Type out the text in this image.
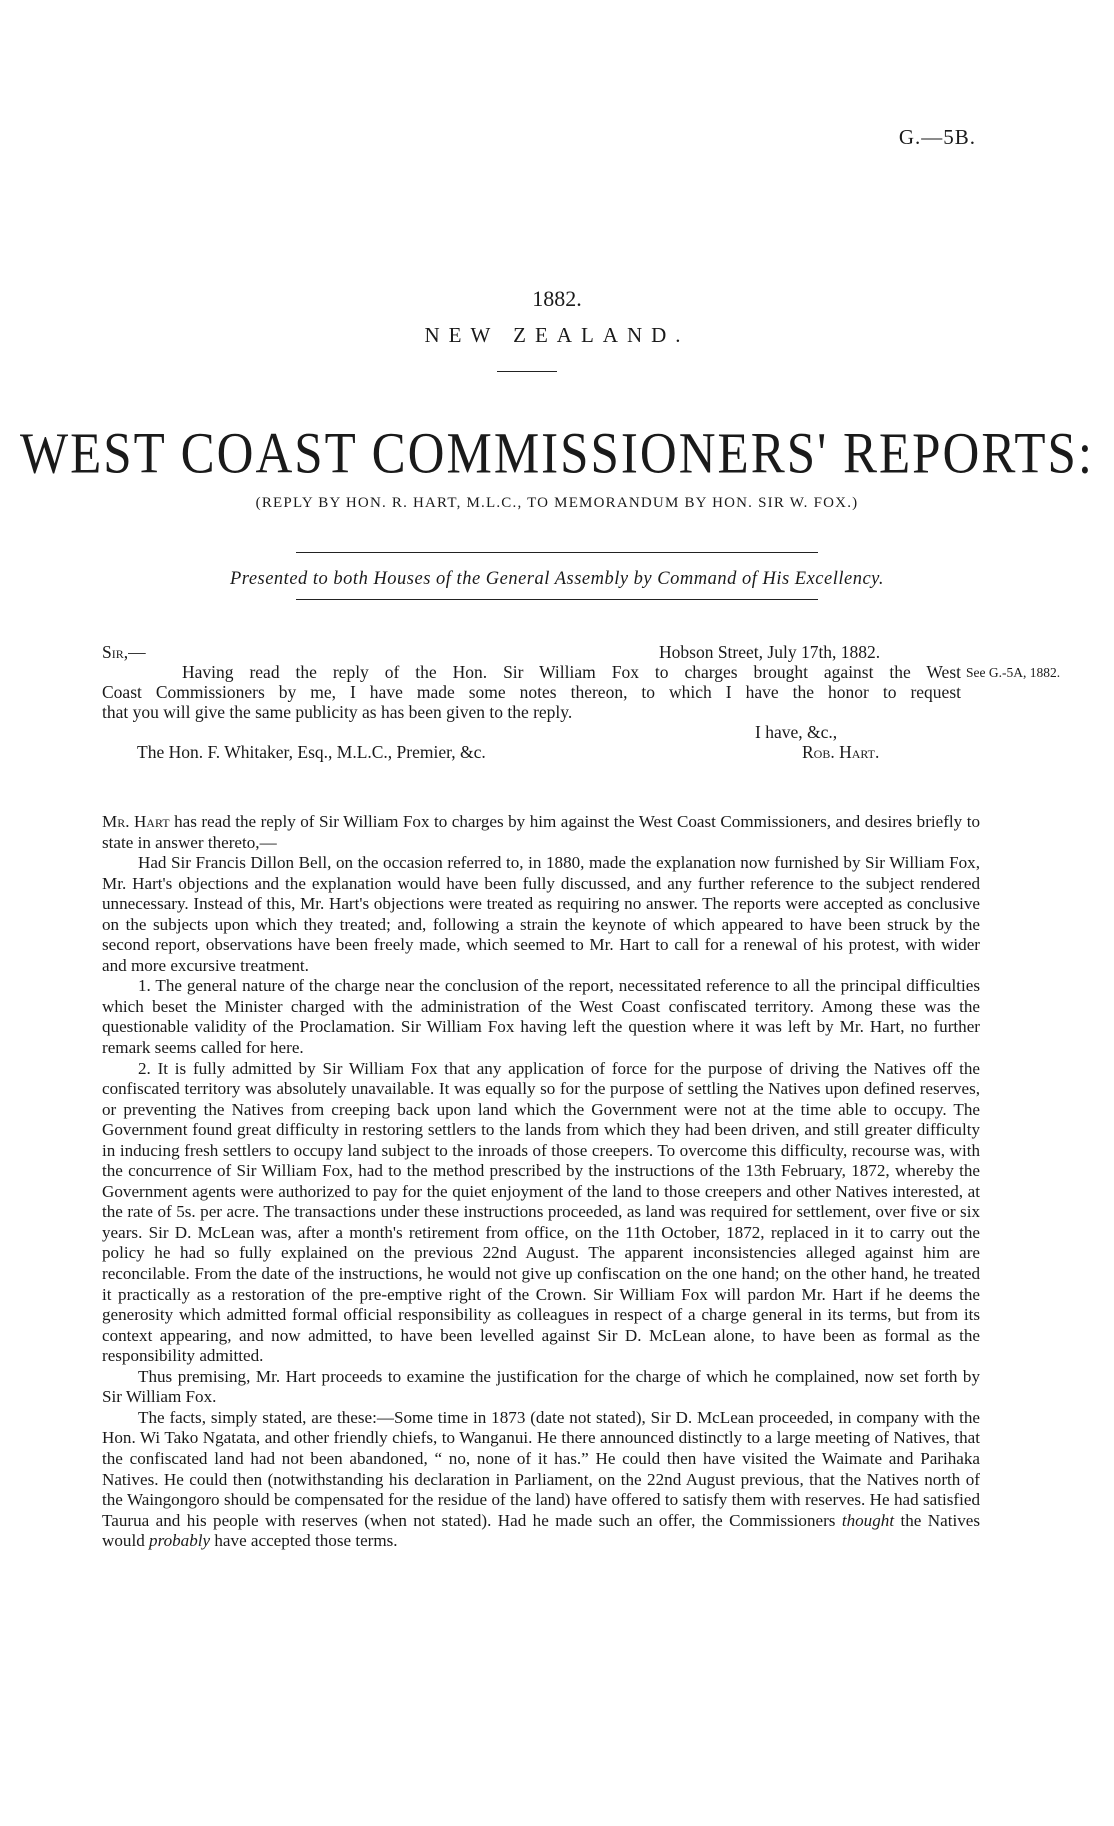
G.—5B.
1882.
NEW ZEALAND.
WEST COAST COMMISSIONERS' REPORTS:
(REPLY BY HON. R. HART, M.L.C., TO MEMORANDUM BY HON. SIR W. FOX.)
Presented to both Houses of the General Assembly by Command of His Excellency.
Sir,—	Hobson Street, July 17th, 1882.
Having read the reply of the Hon. Sir William Fox to charges brought against the West See G.-5A, 1882.
Coast Commissioners by me, I have made some notes thereon, to which I have the honor to request
that you will give the same publicity as has been given to the reply.
I have, &c.,
The Hon. F. Whitaker, Esq., M.L.C., Premier, &c.	Rob. Hart.

Mr. Hart has read the reply of Sir William Fox to charges by him against the West Coast Commissioners, and desires briefly to state in answer thereto,—

Had Sir Francis Dillon Bell, on the occasion referred to, in 1880, made the explanation now furnished by Sir William Fox, Mr. Hart's objections and the explanation would have been fully discussed, and any further reference to the subject rendered unnecessary. Instead of this, Mr. Hart's objections were treated as requiring no answer. The reports were accepted as conclusive on the subjects upon which they treated; and, following a strain the keynote of which appeared to have been struck by the second report, observations have been freely made, which seemed to Mr. Hart to call for a renewal of his protest, with wider and more excursive treatment.

1. The general nature of the charge near the conclusion of the report, necessitated reference to all the principal difficulties which beset the Minister charged with the administration of the West Coast confiscated territory. Among these was the questionable validity of the Proclamation. Sir William Fox having left the question where it was left by Mr. Hart, no further remark seems called for here.

2. It is fully admitted by Sir William Fox that any application of force for the purpose of driving the Natives off the confiscated territory was absolutely unavailable. It was equally so for the purpose of settling the Natives upon defined reserves, or preventing the Natives from creeping back upon land which the Government were not at the time able to occupy. The Government found great difficulty in restoring settlers to the lands from which they had been driven, and still greater difficulty in inducing fresh settlers to occupy land subject to the inroads of those creepers. To overcome this difficulty, recourse was, with the concurrence of Sir William Fox, had to the method prescribed by the instructions of the 13th February, 1872, whereby the Government agents were authorized to pay for the quiet enjoyment of the land to those creepers and other Natives interested, at the rate of 5s. per acre. The transactions under these instructions proceeded, as land was required for settlement, over five or six years. Sir D. McLean was, after a month's retirement from office, on the 11th October, 1872, replaced in it to carry out the policy he had so fully explained on the previous 22nd August. The apparent inconsistencies alleged against him are reconcilable. From the date of the instructions, he would not give up confiscation on the one hand; on the other hand, he treated it practically as a restoration of the pre-emptive right of the Crown. Sir William Fox will pardon Mr. Hart if he deems the generosity which admitted formal official responsibility as colleagues in respect of a charge general in its terms, but from its context appearing, and now admitted, to have been levelled against Sir D. McLean alone, to have been as formal as the responsibility admitted.

Thus premising, Mr. Hart proceeds to examine the justification for the charge of which he complained, now set forth by Sir William Fox.

The facts, simply stated, are these:—Some time in 1873 (date not stated), Sir D. McLean proceeded, in company with the Hon. Wi Tako Ngatata, and other friendly chiefs, to Wanganui. He there announced distinctly to a large meeting of Natives, that the confiscated land had not been abandoned, “ no, none of it has.” He could then have visited the Waimate and Parihaka Natives. He could then (notwithstanding his declaration in Parliament, on the 22nd August previous, that the Natives north of the Waingongoro should be compensated for the residue of the land) have offered to satisfy them with reserves. He had satisfied Taurua and his people with reserves (when not stated). Had he made such an offer, the Commissioners thought the Natives would probably have accepted those terms.
